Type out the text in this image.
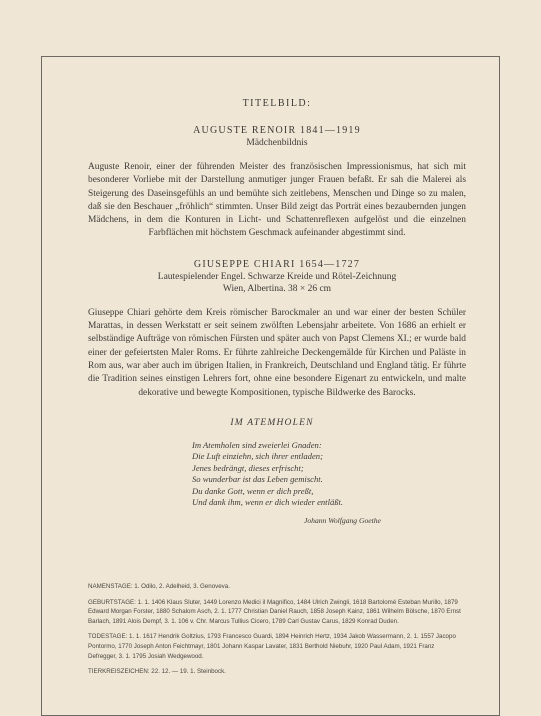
TITELBILD:
AUGUSTE RENOIR 1841—1919
Mädchenbildnis

Auguste Renoir, einer der führenden Meister des französischen Impressionismus, hat sich mit besonderer Vorliebe mit der Darstellung anmutiger junger Frauen befaßt. Er sah die Malerei als Steigerung des Daseinsgefühls an und bemühte sich zeitlebens, Menschen und Dinge so zu malen, daß sie den Beschauer „fröhlich“ stimmten. Unser Bild zeigt das Porträt eines bezaubernden jungen Mädchens, in dem die Konturen in Licht- und Schattenreflexen aufgelöst und die einzelnen Farbflächen mit höchstem Geschmack aufeinander abgestimmt sind.

GIUSEPPE CHIARI 1654—1727
Lautespielender Engel. Schwarze Kreide und Rötel-Zeichnung
Wien, Albertina. 38 × 26 cm

Giuseppe Chiari gehörte dem Kreis römischer Barockmaler an und war einer der besten Schüler Marattas, in dessen Werkstatt er seit seinem zwölften Lebensjahr arbeitete. Von 1686 an erhielt er selbständige Aufträge von römischen Fürsten und später auch von Papst Clemens XI.; er wurde bald einer der gefeiertsten Maler Roms. Er führte zahlreiche Deckengemälde für Kirchen und Paläste in Rom aus, war aber auch im übrigen Italien, in Frankreich, Deutschland und England tätig. Er führte die Tradition seines einstigen Lehrers fort, ohne eine besondere Eigenart zu entwickeln, und malte dekorative und bewegte Kompositionen, typische Bildwerke des Barocks.

IM ATEMHOLEN
Im Atemholen sind zweierlei Gnaden:
Die Luft einziehn, sich ihrer entladen;
Jenes bedrängt, dieses erfrischt;
So wunderbar ist das Leben gemischt.
Du danke Gott, wenn er dich preßt,
Und dank ihm, wenn er dich wieder entläßt.
Johann Wolfgang Goethe
NAMENSTAGE: 1. Odilo, 2. Adelheid, 3. Genoveva.
GEBURTSTAGE: 1. 1. 1406 Klaus Sluter, 1449 Lorenzo Medici il Magnifico, 1484 Ulrich Zwingli, 1618 Bartolomé Esteban Murillo, 1879 Edward Morgan Forster, 1880 Schalom Asch, 2. 1. 1777 Christian Daniel Rauch, 1858 Joseph Kainz, 1861 Wilhelm Bölsche, 1870 Ernst Barlach, 1891 Alois Dempf, 3. 1. 106 v. Chr. Marcus Tullius Cicero, 1789 Carl Gustav Carus, 1829 Konrad Duden.
TODESTAGE: 1. 1. 1617 Hendrik Goltzius, 1793 Francesco Guardi, 1894 Heinrich Hertz, 1934 Jakob Wassermann, 2. 1. 1557 Jacopo Pontormo, 1770 Joseph Anton Feichtmayr, 1801 Johann Kaspar Lavater, 1831 Berthold Niebuhr, 1920 Paul Adam, 1921 Franz Defregger, 3. 1. 1795 Josiah Wedgewood.
TIERKREISZEICHEN: 22. 12. — 19. 1. Steinbock.
